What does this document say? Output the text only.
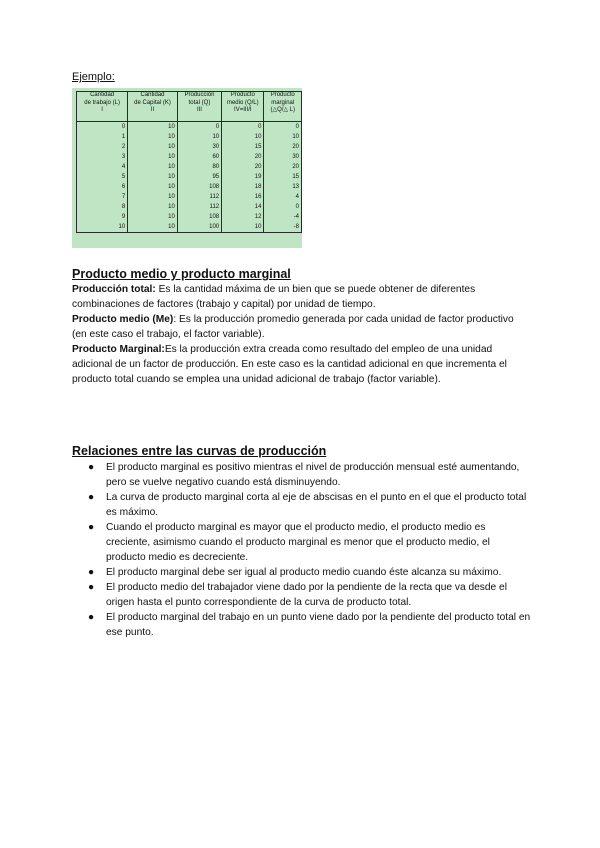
Ejemplo:
Cantidad
de trabajo (L)
I	Cantidad
de Capital (K)
II	Producción
total (Q)
III	Producto
medio (Q/L)
IV=III/I	Producto
marginal
(△Q/△ L)
0	10	0	0	0
1	10	10	10	10
2	10	30	15	20
3	10	60	20	30
4	10	80	20	20
5	10	95	19	15
6	10	108	18	13
7	10	112	16	4
8	10	112	14	0
9	10	108	12	-4
10	10	100	10	-8
Producto medio y producto marginal

Producción total: Es la cantidad máxima de un bien que se puede obtener de diferentes combinaciones de factores (trabajo y capital) por unidad de tiempo.

Producto medio (Me): Es la producción promedio generada por cada unidad de factor productivo (en este caso el trabajo, el factor variable).

Producto Marginal:Es la producción extra creada como resultado del empleo de una unidad adicional de un factor de producción. En este caso es la cantidad adicional en que incrementa el producto total cuando se emplea una unidad adicional de trabajo (factor variable).

Relaciones entre las curvas de producción
● El producto marginal es positivo mientras el nivel de producción mensual esté aumentando, pero se vuelve negativo cuando está disminuyendo.
● La curva de producto marginal corta al eje de abscisas en el punto en el que el producto total es máximo.
● Cuando el producto marginal es mayor que el producto medio, el producto medio es creciente, asimismo cuando el producto marginal es menor que el producto medio, el producto medio es decreciente.
● El producto marginal debe ser igual al producto medio cuando éste alcanza su máximo.
● El producto medio del trabajador viene dado por la pendiente de la recta que va desde el origen hasta el punto correspondiente de la curva de producto total.
● El producto marginal del trabajo en un punto viene dado por la pendiente del producto total en ese punto.
